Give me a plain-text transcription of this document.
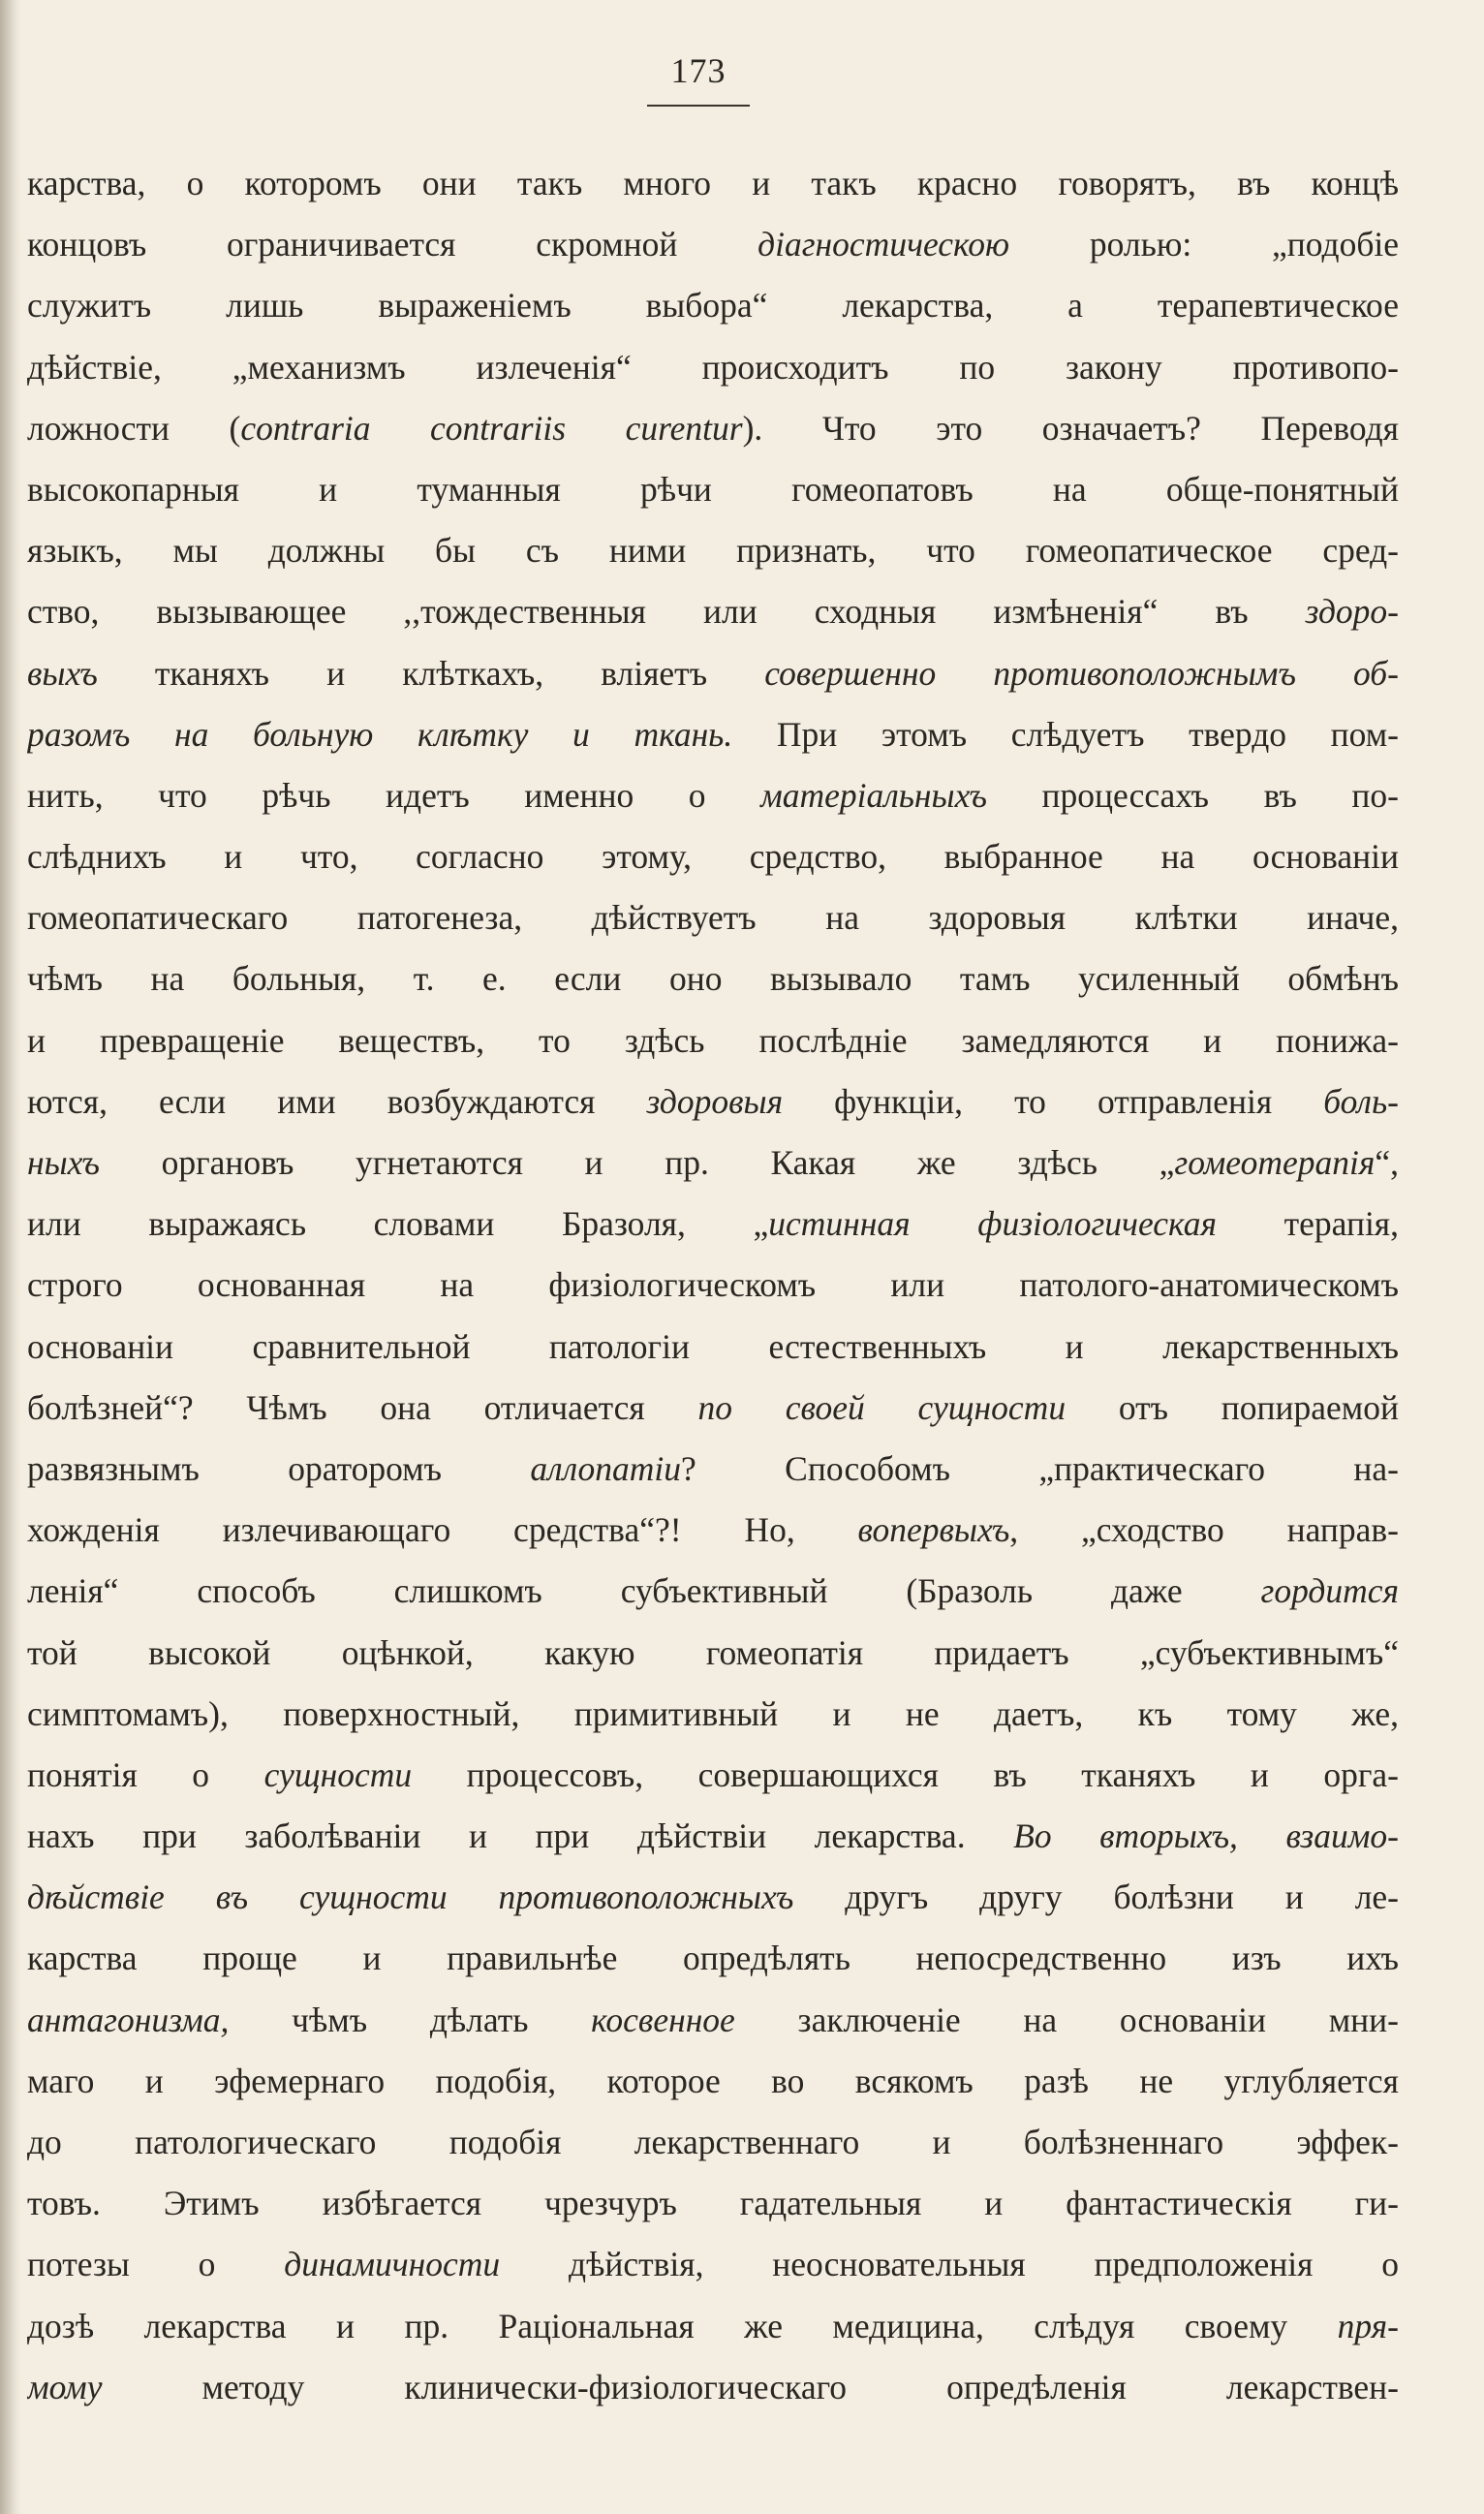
173
карства, о которомъ они такъ много и такъ красно говорятъ, въ концѣ
концовъ ограничивается скромной діагностическою ролью: „подобіе
служитъ лишь выраженіемъ выбора“ лекарства, а терапевтическое
дѣйствіе, „механизмъ излеченія“ происходитъ по закону противопо-
ложности (contraria contrariis curentur). Что это означаетъ? Переводя
высокопарныя и туманныя рѣчи гомеопатовъ на обще-понятный
языкъ, мы должны бы съ ними признать, что гомеопатическое сред-
ство, вызывающее ,,тождественныя или сходныя измѣненія“ въ здоро-
выхъ тканяхъ и клѣткахъ, вліяетъ совершенно противоположнымъ об-
разомъ на больную клѣтку и ткань. При этомъ слѣдуетъ твердо пом-
нить, что рѣчь идетъ именно о матеріальныхъ процессахъ въ по-
слѣднихъ и что, согласно этому, средство, выбранное на основаніи
гомеопатическаго патогенеза, дѣйствуетъ на здоровыя клѣтки иначе,
чѣмъ на больныя, т. е. если оно вызывало тамъ усиленный обмѣнъ
и превращеніе веществъ, то здѣсь послѣдніе замедляются и понижа-
ются, если ими возбуждаются здоровыя функціи, то отправленія боль-
ныхъ органовъ угнетаются и пр. Какая же здѣсь „гомеотерапія“,
или выражаясь словами Бразоля, „истинная физіологическая терапія,
строго основанная на физіологическомъ или патолого-анатомическомъ
основаніи сравнительной патологіи естественныхъ и лекарственныхъ
болѣзней“? Чѣмъ она отличается по своей сущности отъ попираемой
развязнымъ ораторомъ аллопатіи? Способомъ „практическаго на-
хожденія излечивающаго средства“?! Но, вопервыхъ, „сходство направ-
ленія“ способъ слишкомъ субъективный (Бразоль даже гордится
той высокой оцѣнкой, какую гомеопатія придаетъ „субъективнымъ“
симптомамъ), поверхностный, примитивный и не даетъ, къ тому же,
понятія о сущности процессовъ, совершающихся въ тканяхъ и орга-
нахъ при заболѣваніи и при дѣйствіи лекарства. Во вторыхъ, взаимо-
дѣйствіе въ сущности противоположныхъ другъ другу болѣзни и ле-
карства проще и правильнѣе опредѣлять непосредственно изъ ихъ
антагонизма, чѣмъ дѣлать косвенное заключеніе на основаніи мни-
маго и эфемернаго подобія, которое во всякомъ разѣ не углубляется
до патологическаго подобія лекарственнаго и болѣзненнаго эффек-
товъ. Этимъ избѣгается чрезчуръ гадательныя и фантастическія ги-
потезы о динамичности дѣйствія, неосновательныя предположенія о
дозѣ лекарства и пр. Раціональная же медицина, слѣдуя своему пря-
мому методу клинически-физіологическаго опредѣленія лекарствен-
